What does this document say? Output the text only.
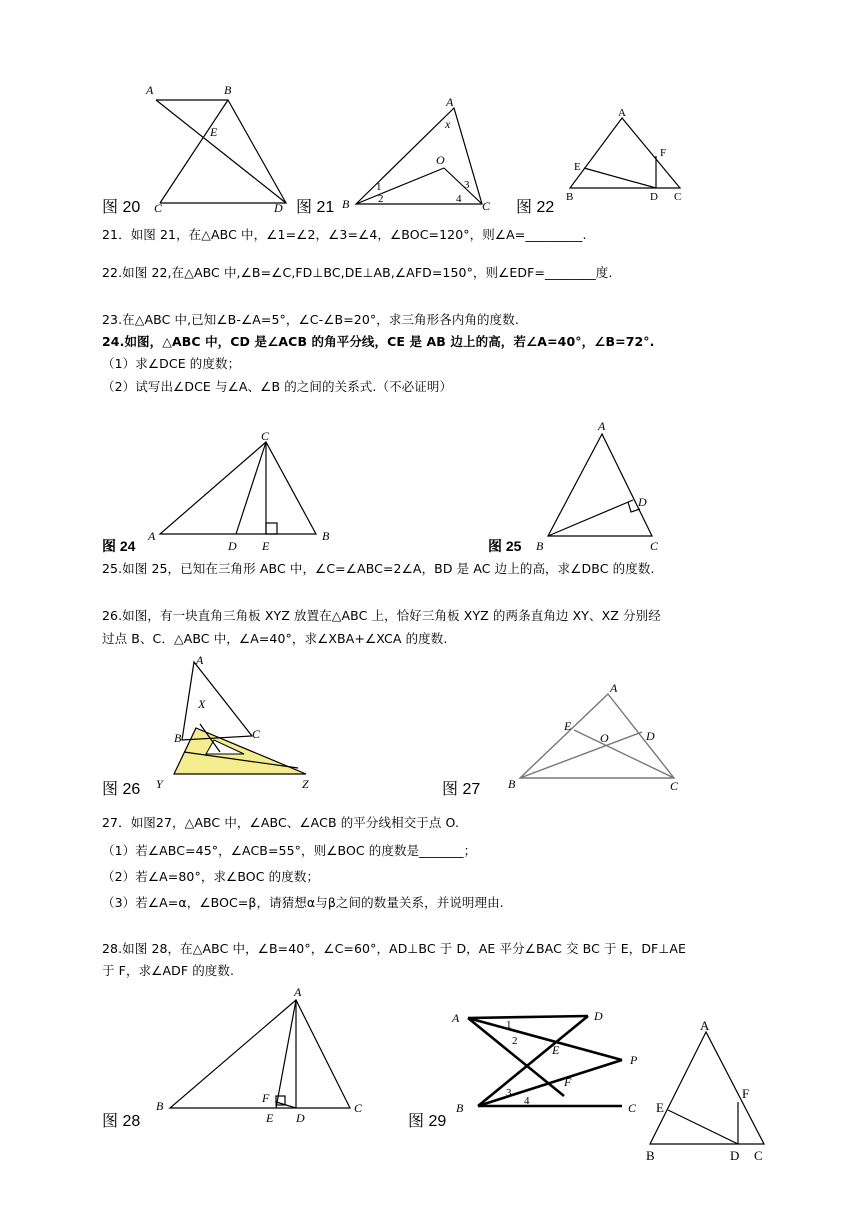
A	B
E
C	D
图 20
A
x
O
B
1
2
3
4 C
图 21
A
E
F
B	D C
图 22
21．如图 21，在△ABC 中，∠1=∠2，∠3=∠4，∠BOC=120°，则∠A=_________.
22.如图 22,在△ABC 中,∠B=∠C,FD⊥BC,DE⊥AB,∠AFD=150°，则∠EDF=________度.
23.在△ABC 中,已知∠B-∠A=5°，∠C-∠B=20°，求三角形各内角的度数.
24.如图，△ABC 中，CD 是∠ACB 的角平分线，CE 是 AB 边上的高，若∠A=40°，∠B=72°.
（1）求∠DCE 的度数；
（2）试写出∠DCE 与∠A、∠B 的之间的关系式.（不必证明）
C
A
D E
B
图 24
A
D
B	C
图 25
25.如图 25，已知在三角形 ABC 中，∠C=∠ABC=2∠A，BD 是 AC 边上的高，求∠DBC 的度数.
26.如图，有一块直角三角板 XYZ 放置在△ABC 上，恰好三角板 XYZ 的两条直角边 XY、XZ 分别经
过点 B、C．△ABC 中，∠A=40°，求∠XBA+∠XCA 的度数.
A
X
B	C
Y	Z
图 26
A
E
O	D
B	C
图 27
27．如图27，△ABC 中，∠ABC、∠ACB 的平分线相交于点 O.
（1）若∠ABC=45°，∠ACB=55°，则∠BOC 的度数是_______；
（2）若∠A=80°，求∠BOC 的度数；
（3）若∠A=α，∠BOC=β，请猜想α与β之间的数量关系，并说明理由.
28.如图 28，在△ABC 中，∠B=40°，∠C=60°，AD⊥BC 于 D，AE 平分∠BAC 交 BC 于 E，DF⊥AE
于 F，求∠ADF 的度数.
A
F
B
E D
C
图 28
A	1
2
D
E
P
F
3
4
B	C
图 29
A
F
E
B	D C
